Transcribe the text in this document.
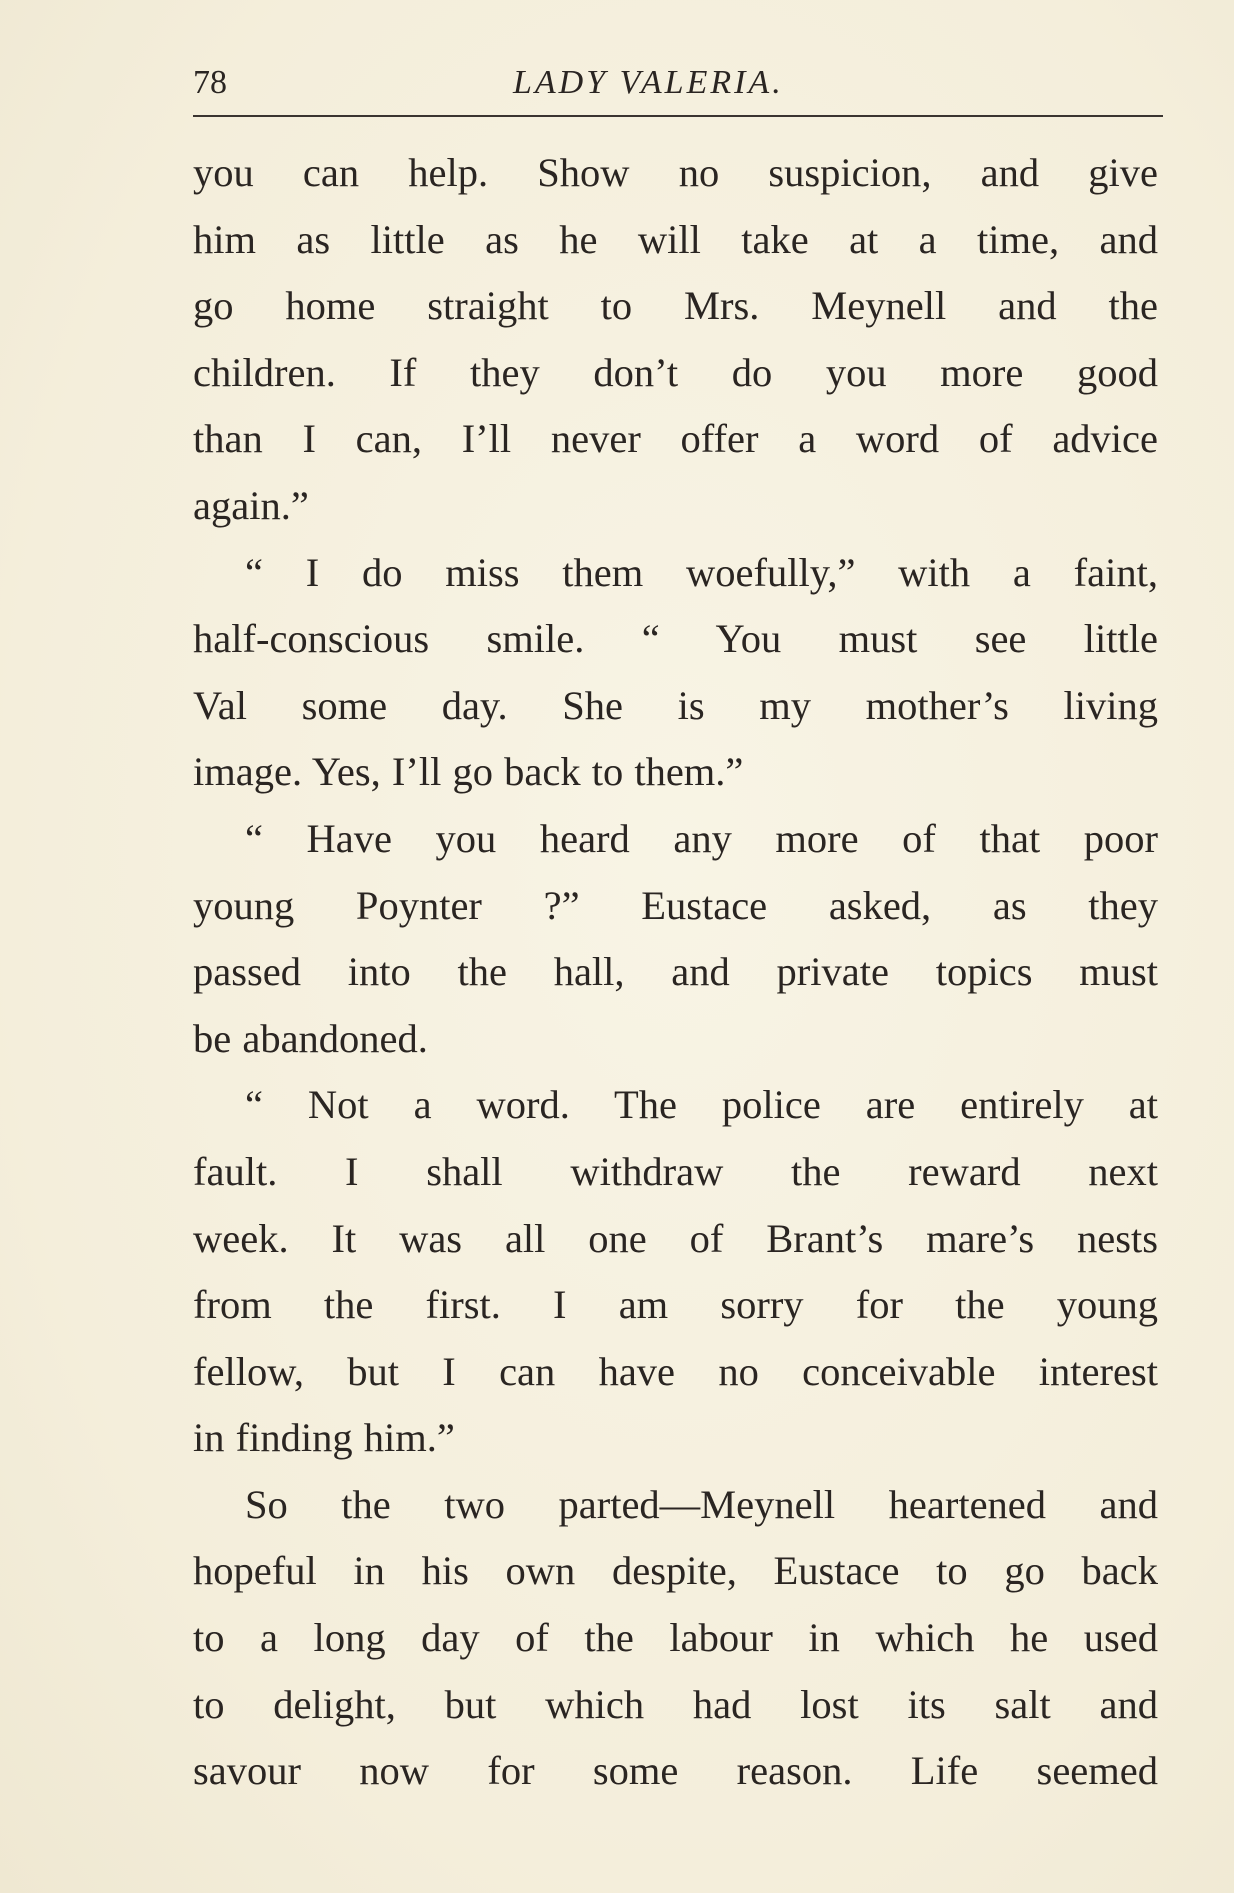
78	LADY VALERIA.
you can help. Show no suspicion, and give
him as little as he will take at a time, and
go home straight to Mrs. Meynell and the
children. If they don’t do you more good
than I can, I’ll never offer a word of advice
again.”
“ I do miss them woefully,” with a faint,
half-conscious smile. “ You must see little
Val some day. She is my mother’s living
image. Yes, I’ll go back to them.”
“ Have you heard any more of that poor
young Poynter ?” Eustace asked, as they
passed into the hall, and private topics must
be abandoned.
“ Not a word. The police are entirely at
fault. I shall withdraw the reward next
week. It was all one of Brant’s mare’s nests
from the first. I am sorry for the young
fellow, but I can have no conceivable interest
in finding him.”
So the two parted—Meynell heartened and
hopeful in his own despite, Eustace to go back
to a long day of the labour in which he used
to delight, but which had lost its salt and
savour now for some reason. Life seemed
